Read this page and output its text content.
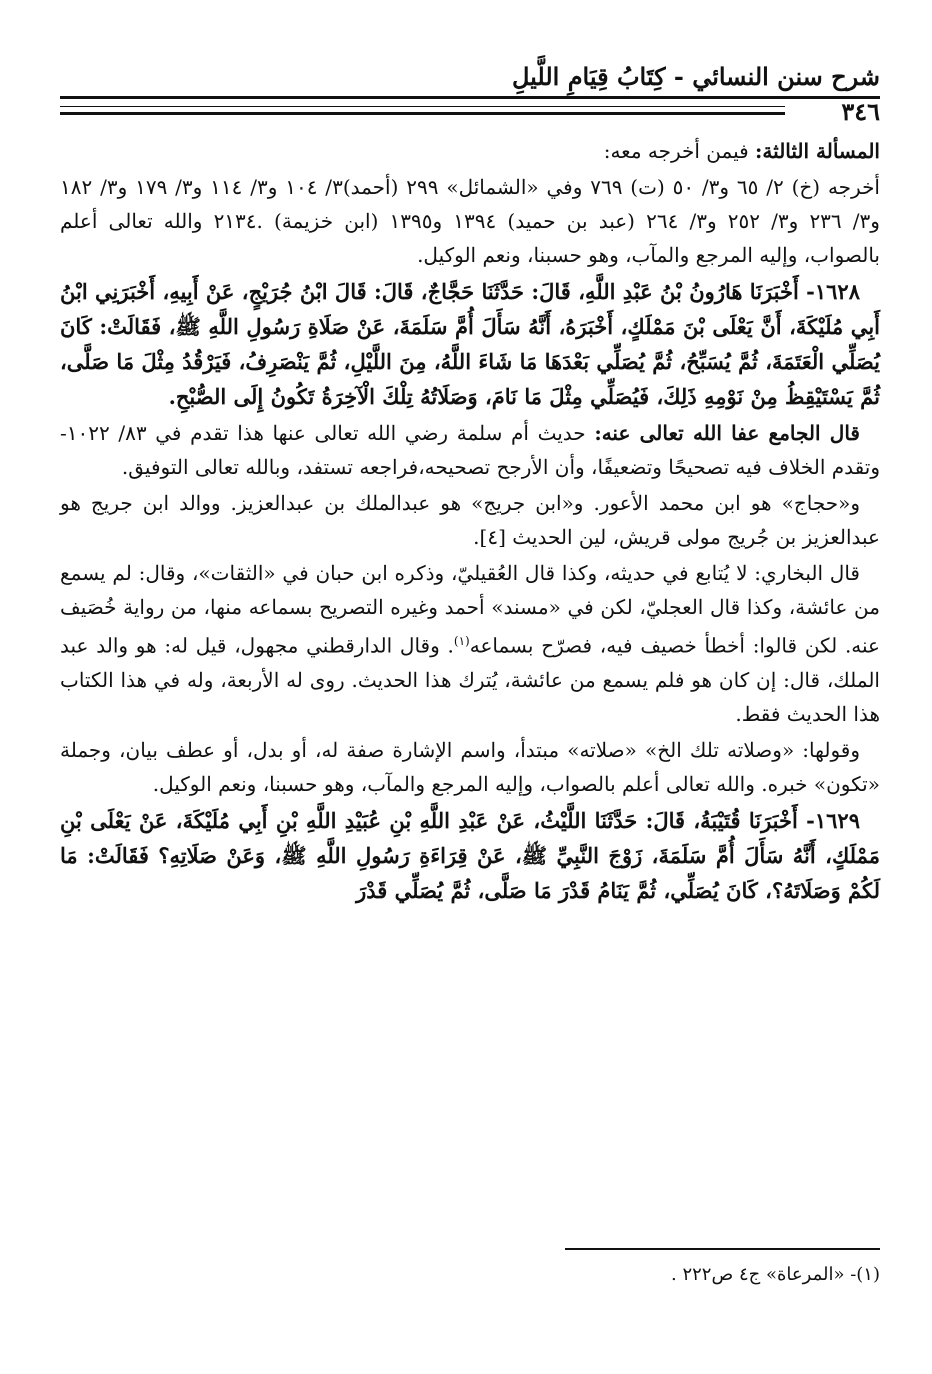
شرح سنن النسائي - كِتَابُ قِيَامِ اللَّيلِ
٣٤٦

المسألة الثالثة: فيمن أخرجه معه:

أخرجه (خ) ٢/ ٦٥ و٣/ ٥٠ (ت) ٧٦٩ وفي «الشمائل» ٢٩٩ (أحمد)٣/ ١٠٤ و٣/ ١١٤ و٣/ ١٧٩ و٣/ ١٨٢ و٣/ ٢٣٦ و٣/ ٢٥٢ و٣/ ٢٦٤ (عبد بن حميد) ١٣٩٤ و١٣٩٥ (ابن خزيمة) .٢١٣٤ والله تعالى أعلم بالصواب، وإليه المرجع والمآب، وهو حسبنا، ونعم الوكيل.

١٦٢٨- أَخْبَرَنَا هَارُونُ بْنُ عَبْدِ اللَّهِ، قَالَ: حَدَّثَنَا حَجَّاجٌ، قَالَ: قَالَ ابْنُ جُرَيْجٍ، عَنْ أَبِيهِ، أَخْبَرَنِي ابْنُ أَبِي مُلَيْكَةَ، أَنَّ يَعْلَى بْنَ مَمْلَكٍ، أَخْبَرَهُ، أَنَّهُ سَأَلَ أُمَّ سَلَمَةَ، عَنْ صَلَاةِ رَسُولِ اللَّهِ ﷺ، فَقَالَتْ: كَانَ يُصَلِّي الْعَتَمَةَ، ثُمَّ يُسَبِّحُ، ثُمَّ يُصَلِّي بَعْدَهَا مَا شَاءَ اللَّهُ، مِنَ اللَّيْلِ، ثُمَّ يَنْصَرِفُ، فَيَرْقُدُ مِثْلَ مَا صَلَّى، ثُمَّ يَسْتَيْقِظُ مِنْ نَوْمِهِ ذَلِكَ، فَيُصَلِّي مِثْلَ مَا نَامَ، وَصَلَاتُهُ تِلْكَ الْآخِرَةُ تَكُونُ إِلَى الصُّبْحِ.

قال الجامع عفا الله تعالى عنه: حديث أم سلمة رضي الله تعالى عنها هذا تقدم في ٨٣/ ١٠٢٢- وتقدم الخلاف فيه تصحيحًا وتضعيفًا، وأن الأرجح تصحيحه،فراجعه تستفد، وبالله تعالى التوفيق.

و«حجاج» هو ابن محمد الأعور. و«ابن جريج» هو عبدالملك بن عبدالعزيز. ووالد ابن جريج هو عبدالعزيز بن جُريج مولى قريش، لين الحديث [٤].

قال البخاري: لا يُتابع في حديثه، وكذا قال العُقيليّ، وذكره ابن حبان في «الثقات»، وقال: لم يسمع من عائشة، وكذا قال العجليّ، لكن في «مسند» أحمد وغيره التصريح بسماعه منها، من رواية خُصَيف عنه. لكن قالوا: أخطأ خصيف فيه، فصرّح بسماعه$^{(١)}$. وقال الدارقطني مجهول، قيل له: هو والد عبد الملك، قال: إن كان هو فلم يسمع من عائشة، يُترك هذا الحديث. روى له الأربعة، وله في هذا الكتاب هذا الحديث فقط.

وقولها: «وصلاته تلك الخ» «صلاته» مبتدأ، واسم الإشارة صفة له، أو بدل، أو عطف بيان، وجملة «تكون» خبره. والله تعالى أعلم بالصواب، وإليه المرجع والمآب، وهو حسبنا، ونعم الوكيل.

١٦٢٩- أَخْبَرَنَا قُتَيْبَةُ، قَالَ: حَدَّثَنَا اللَّيْثُ، عَنْ عَبْدِ اللَّهِ بْنِ عُبَيْدِ اللَّهِ بْنِ أَبِي مُلَيْكَةَ، عَنْ يَعْلَى بْنِ مَمْلَكٍ، أَنَّهُ سَأَلَ أُمَّ سَلَمَةَ، زَوْجَ النَّبِيِّ ﷺ، عَنْ قِرَاءَةِ رَسُولِ اللَّهِ ﷺ، وَعَنْ صَلَاتِهِ؟ فَقَالَتْ: مَا لَكُمْ وَصَلَاتَهُ؟، كَانَ يُصَلِّي، ثُمَّ يَنَامُ قَدْرَ مَا صَلَّى، ثُمَّ يُصَلِّي قَدْرَ

(١)- «المرعاة» ج٤ ص٢٢٢ .
